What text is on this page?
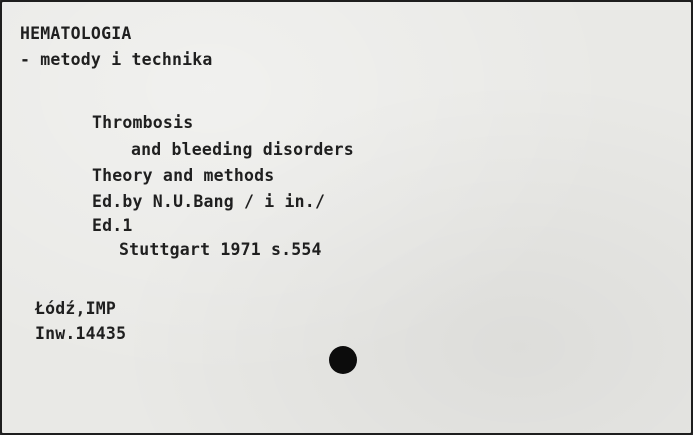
HEMATOLOGIA
- metody i technika
Thrombosis
and bleeding disorders
Theory and methods
Ed.by N.U.Bang / i in./
Ed.1
Stuttgart 1971 s.554
Łódź,IMP
Inw.14435
